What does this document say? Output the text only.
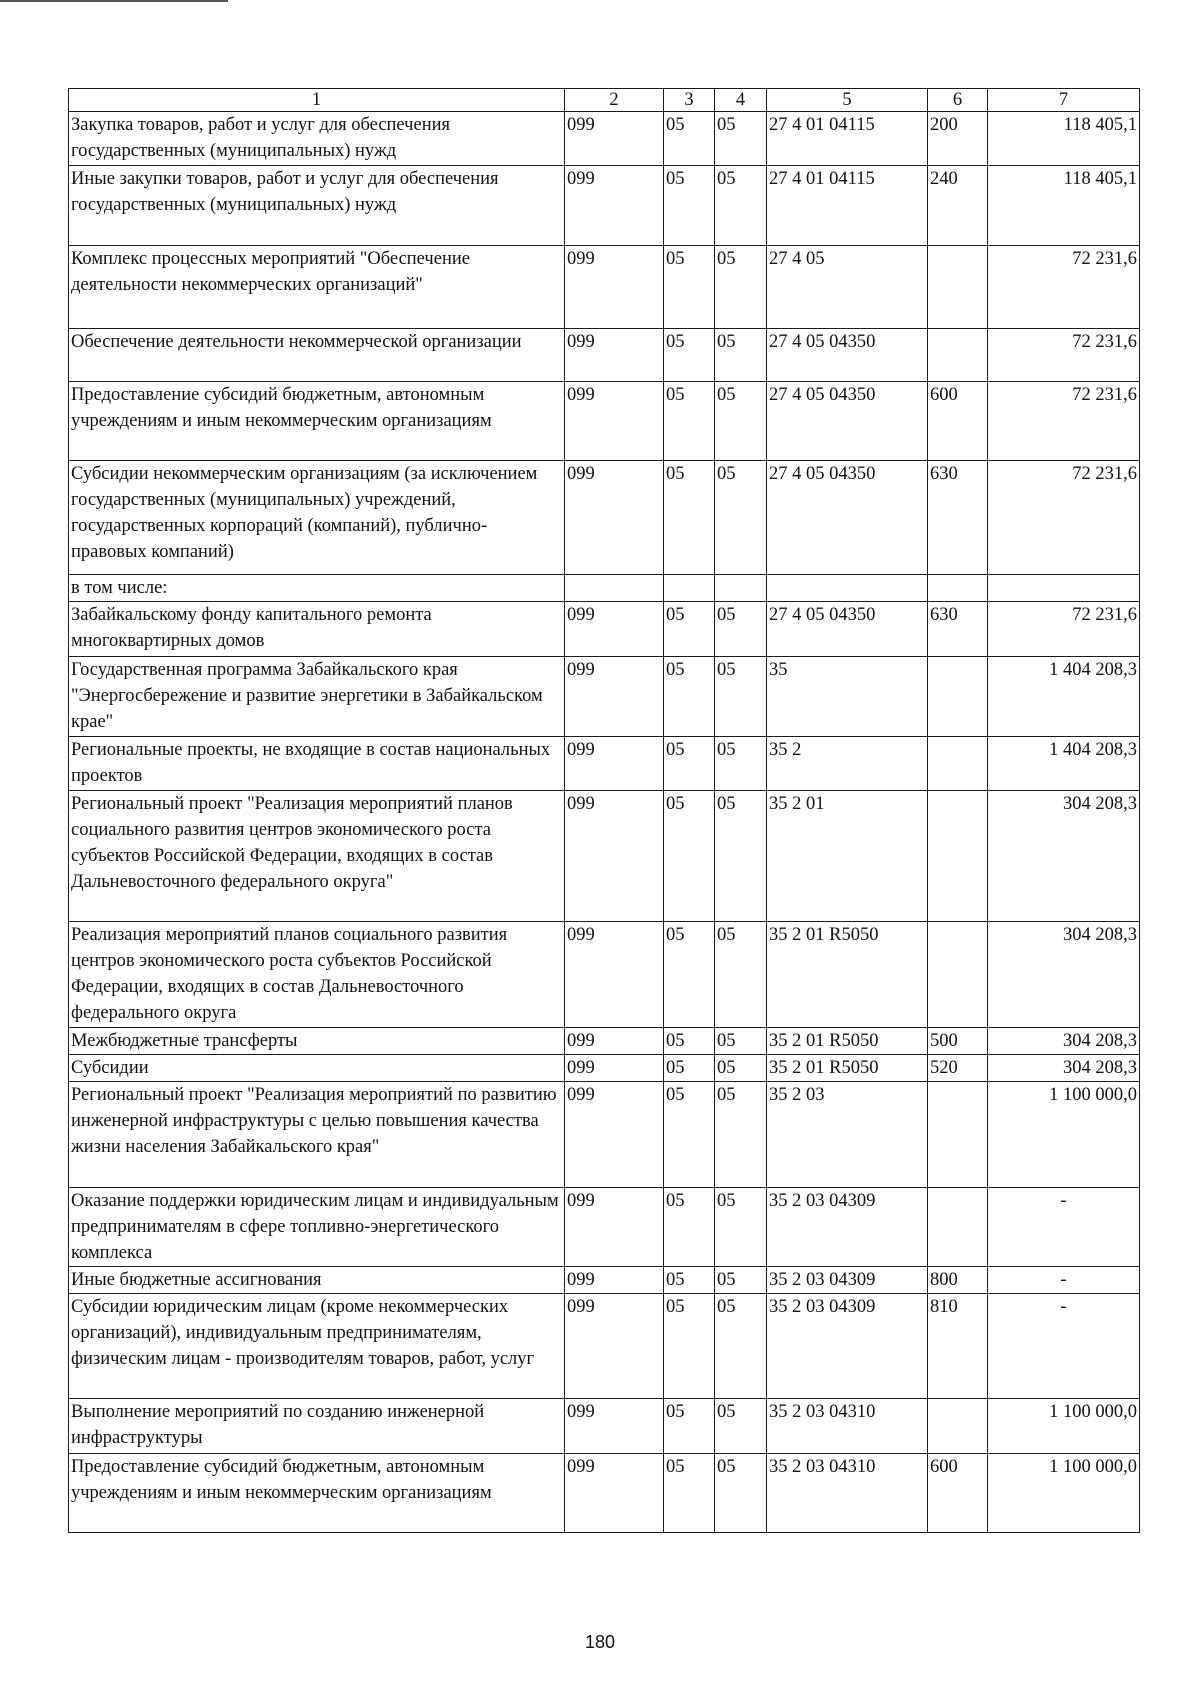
1	2	3	4	5	6	7
Закупка товаров, работ и услуг для обеспечения государственных (муниципальных) нужд	099	05	05	27 4 01 04115	200	118 405,1
Иные закупки товаров, работ и услуг для обеспечения государственных (муниципальных) нужд	099	05	05	27 4 01 04115	240	118 405,1
Комплекс процессных мероприятий "Обеспечение деятельности некоммерческих организаций"	099	05	05	27 4 05		72 231,6
Обеспечение деятельности некоммерческой организации	099	05	05	27 4 05 04350		72 231,6
Предоставление субсидий бюджетным, автономным учреждениям и иным некоммерческим организациям	099	05	05	27 4 05 04350	600	72 231,6
Субсидии некоммерческим организациям (за исключением государственных (муниципальных) учреждений, государственных корпораций (компаний), публично-правовых компаний)	099	05	05	27 4 05 04350	630	72 231,6
в том числе:						
Забайкальскому фонду капитального ремонта многоквартирных домов	099	05	05	27 4 05 04350	630	72 231,6
Государственная программа Забайкальского края "Энергосбережение и развитие энергетики в Забайкальском крае"	099	05	05	35		1 404 208,3
Региональные проекты, не входящие в состав национальных проектов	099	05	05	35 2		1 404 208,3
Региональный проект "Реализация мероприятий планов социального развития центров экономического роста субъектов Российской Федерации, входящих в состав Дальневосточного федерального округа"	099	05	05	35 2 01		304 208,3
Реализация мероприятий планов социального развития центров экономического роста субъектов Российской Федерации, входящих в состав Дальневосточного федерального округа	099	05	05	35 2 01 R5050		304 208,3
Межбюджетные трансферты	099	05	05	35 2 01 R5050	500	304 208,3
Субсидии	099	05	05	35 2 01 R5050	520	304 208,3
Региональный проект "Реализация мероприятий по развитию инженерной инфраструктуры с целью повышения качества жизни населения Забайкальского края"	099	05	05	35 2 03		1 100 000,0
Оказание поддержки юридическим лицам и индивидуальным предпринимателям в сфере топливно-энергетического комплекса	099	05	05	35 2 03 04309		-
Иные бюджетные ассигнования	099	05	05	35 2 03 04309	800	-
Субсидии юридическим лицам (кроме некоммерческих организаций), индивидуальным предпринимателям, физическим лицам - производителям товаров, работ, услуг	099	05	05	35 2 03 04309	810	-
Выполнение мероприятий по созданию инженерной инфраструктуры	099	05	05	35 2 03 04310		1 100 000,0
Предоставление субсидий бюджетным, автономным учреждениям и иным некоммерческим организациям	099	05	05	35 2 03 04310	600	1 100 000,0
180
